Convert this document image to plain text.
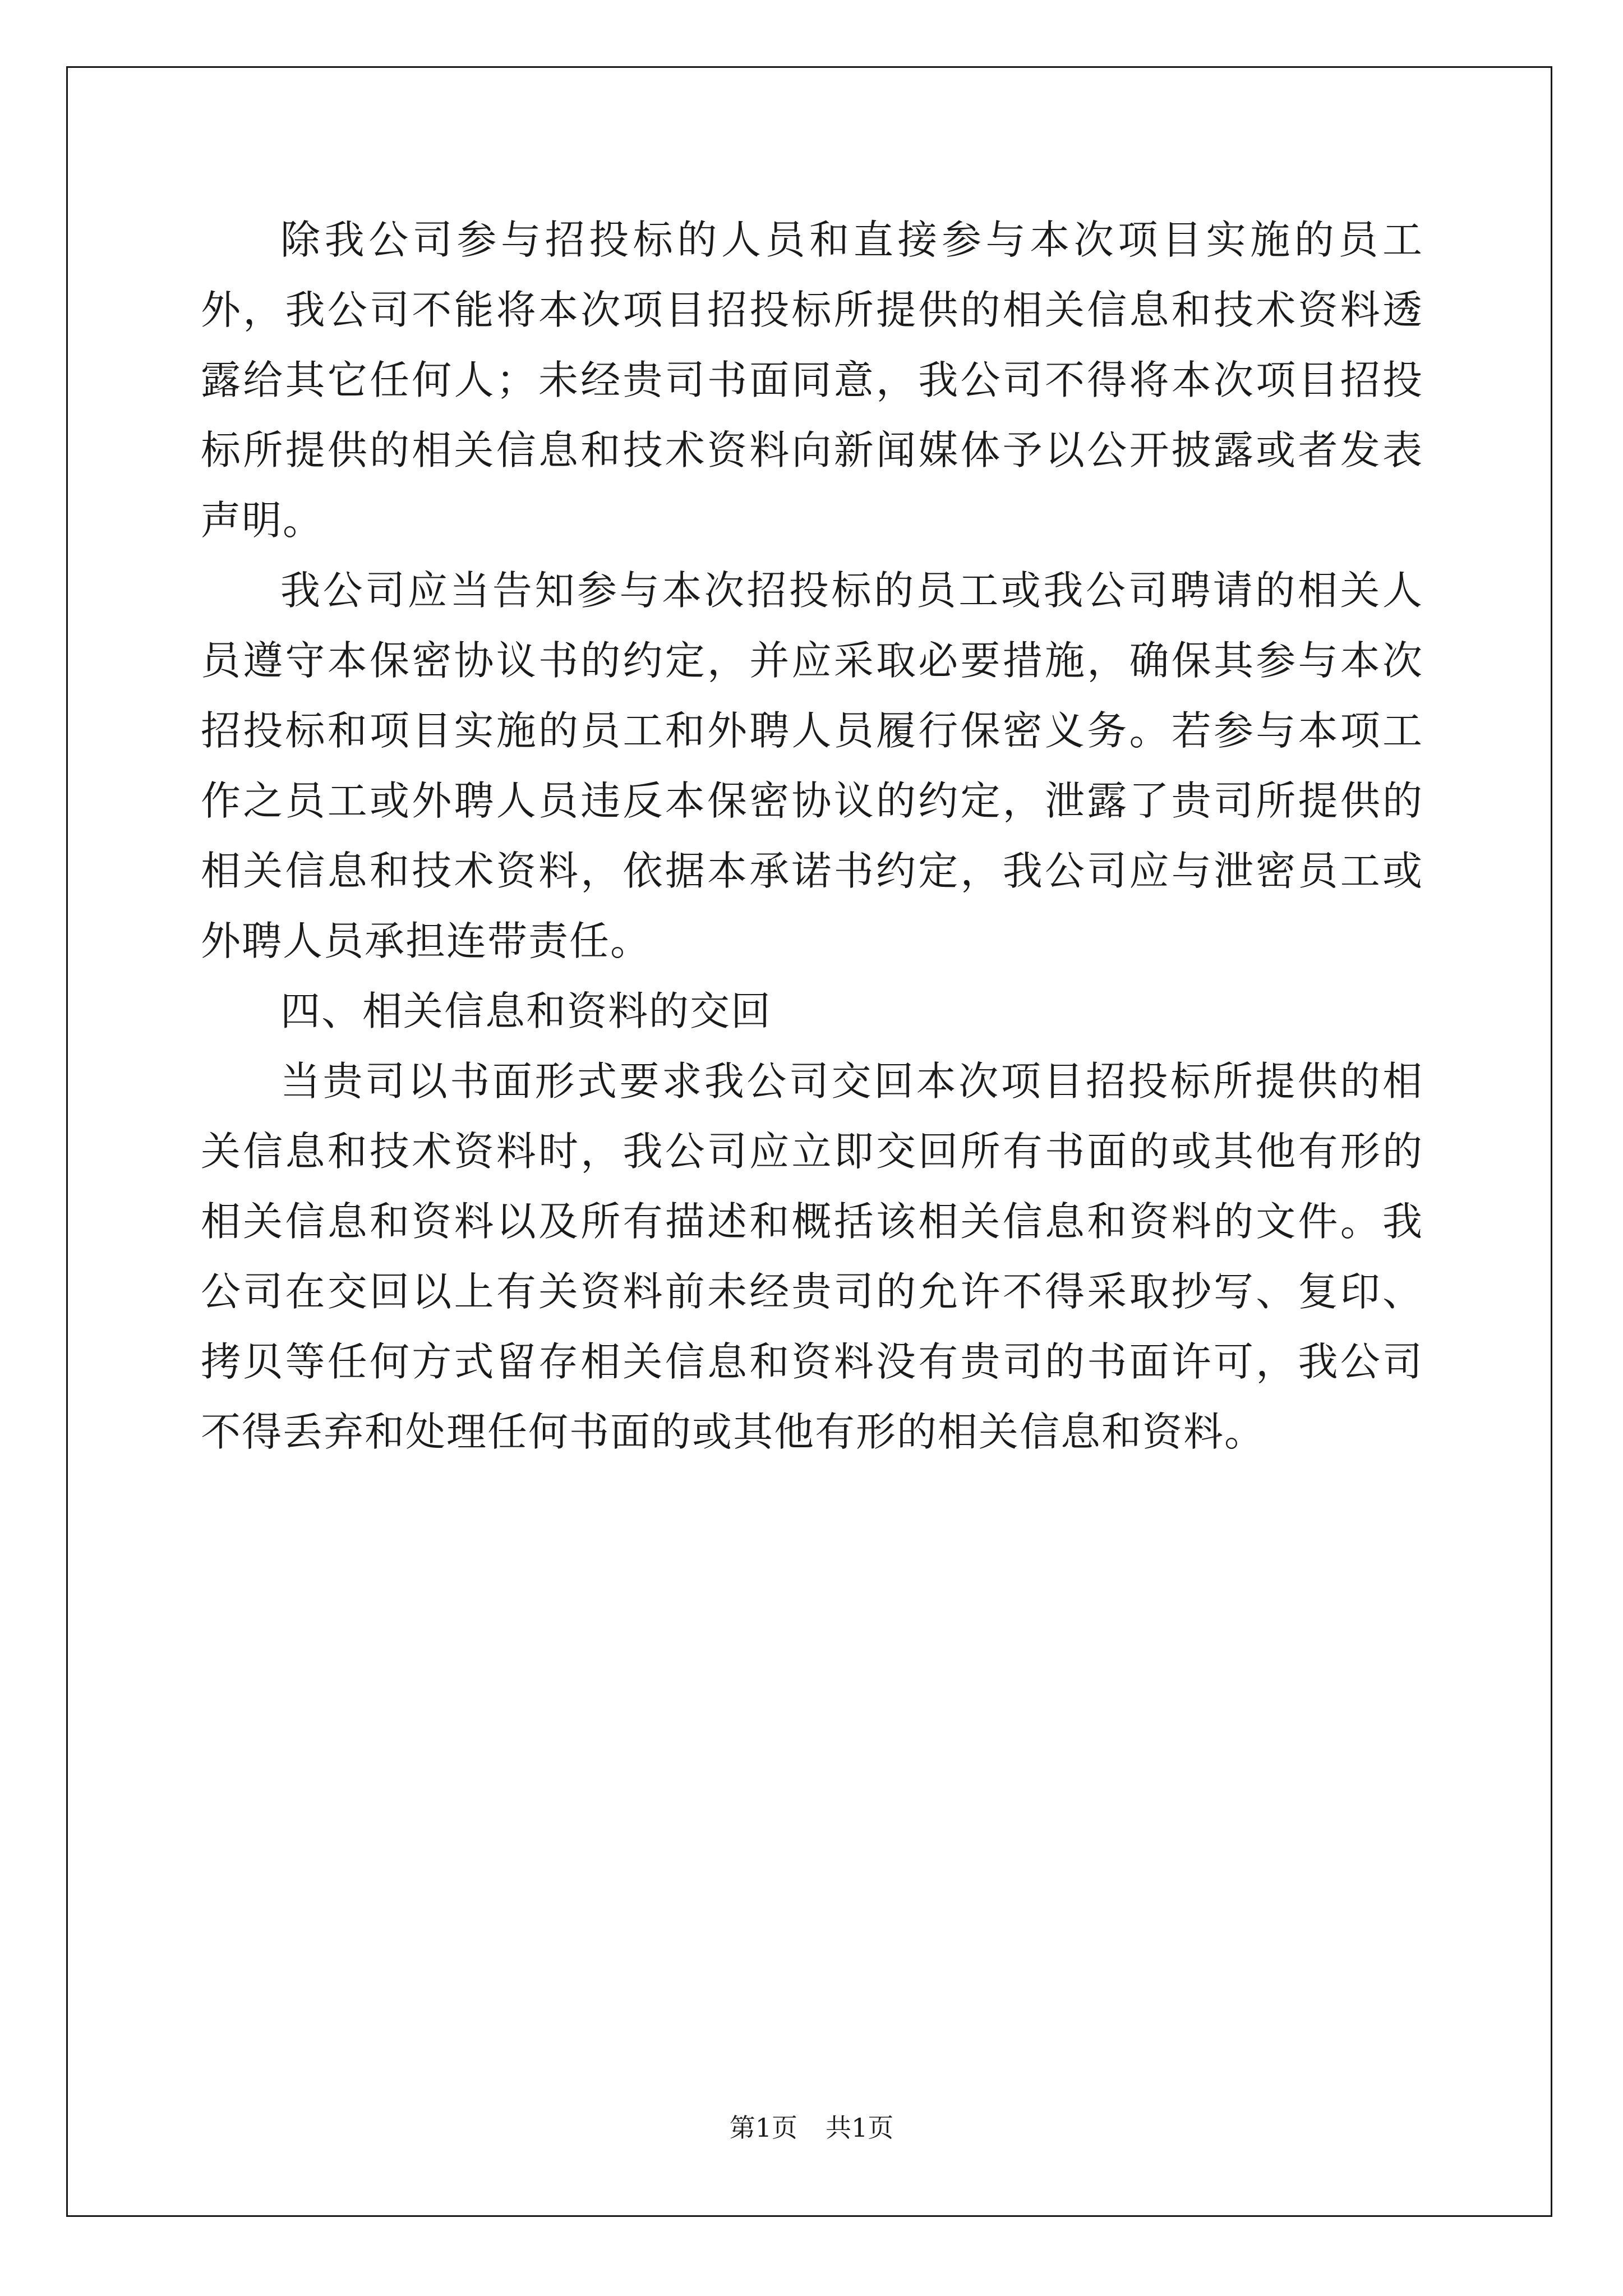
除我公司参与招投标的人员和直接参与本次项目实施的员工外，我公司不能将本次项目招投标所提供的相关信息和技术资料透露给其它任何人；未经贵司书面同意，我公司不得将本次项目招投标所提供的相关信息和技术资料向新闻媒体予以公开披露或者发表声明。

我公司应当告知参与本次招投标的员工或我公司聘请的相关人员遵守本保密协议书的约定，并应采取必要措施，确保其参与本次招投标和项目实施的员工和外聘人员履行保密义务。若参与本项工作之员工或外聘人员违反本保密协议的约定，泄露了贵司所提供的相关信息和技术资料，依据本承诺书约定，我公司应与泄密员工或外聘人员承担连带责任。

四、相关信息和资料的交回

当贵司以书面形式要求我公司交回本次项目招投标所提供的相关信息和技术资料时，我公司应立即交回所有书面的或其他有形的相关信息和资料以及所有描述和概括该相关信息和资料的文件。我公司在交回以上有关资料前未经贵司的允许不得采取抄写、复印、拷贝等任何方式留存相关信息和资料没有贵司的书面许可，我公司不得丢弃和处理任何书面的或其他有形的相关信息和资料。

第1页 共1页
